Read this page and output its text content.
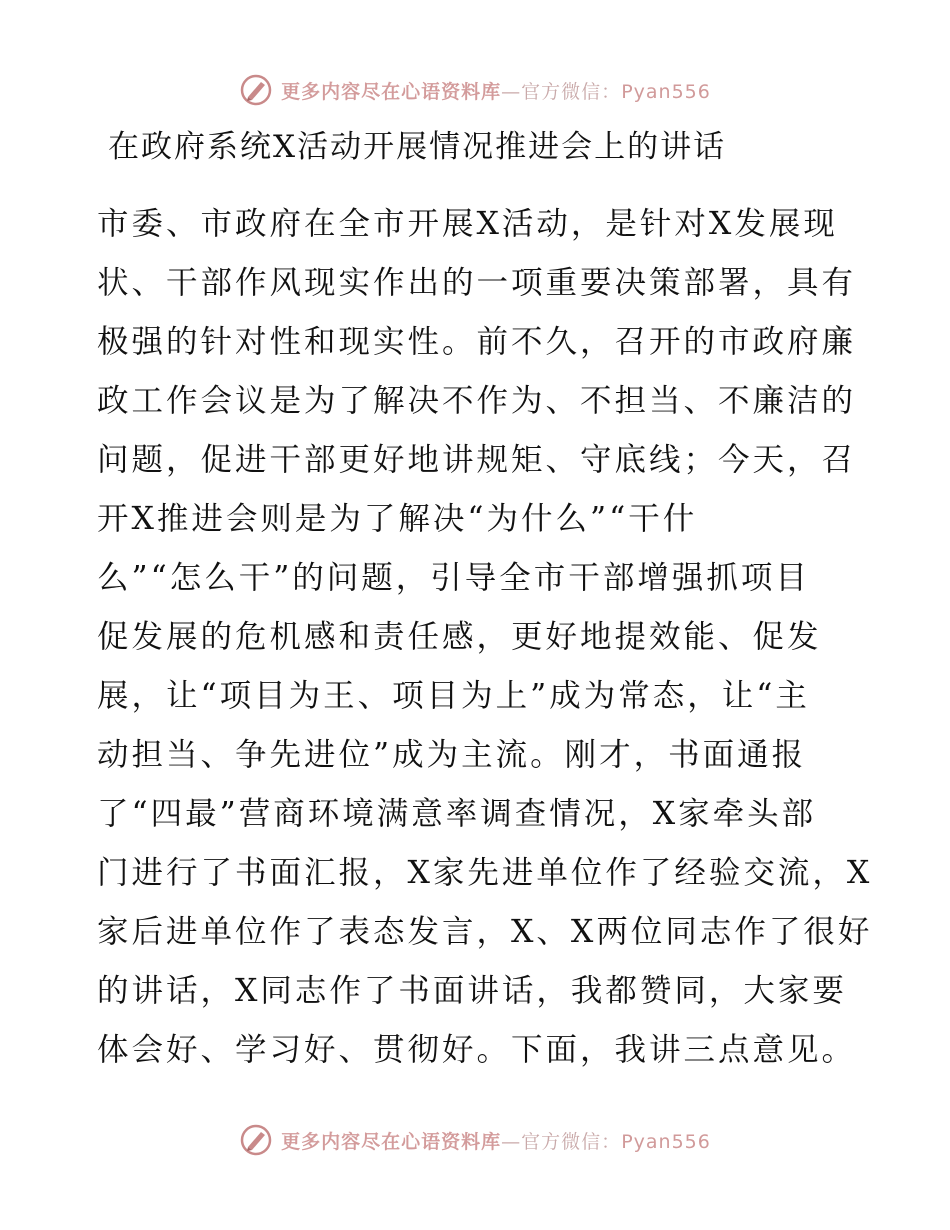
更多内容尽在心语资料库—官方微信：Pyan556
在政府系统X活动开展情况推进会上的讲话
市委、市政府在全市开展X活动，是针对X发展现
状、干部作风现实作出的一项重要决策部署，具有
极强的针对性和现实性。前不久，召开的市政府廉
政工作会议是为了解决不作为、不担当、不廉洁的
问题，促进干部更好地讲规矩、守底线；今天，召
开X推进会则是为了解决“为什么”“干什
么”“怎么干”的问题，引导全市干部增强抓项目
促发展的危机感和责任感，更好地提效能、促发
展，让“项目为王、项目为上”成为常态，让“主
动担当、争先进位”成为主流。刚才，书面通报
了“四最”营商环境满意率调查情况，X家牵头部
门进行了书面汇报，X家先进单位作了经验交流，X
家后进单位作了表态发言，X、X两位同志作了很好
的讲话，X同志作了书面讲话，我都赞同，大家要
体会好、学习好、贯彻好。下面，我讲三点意见。
更多内容尽在心语资料库—官方微信：Pyan556
